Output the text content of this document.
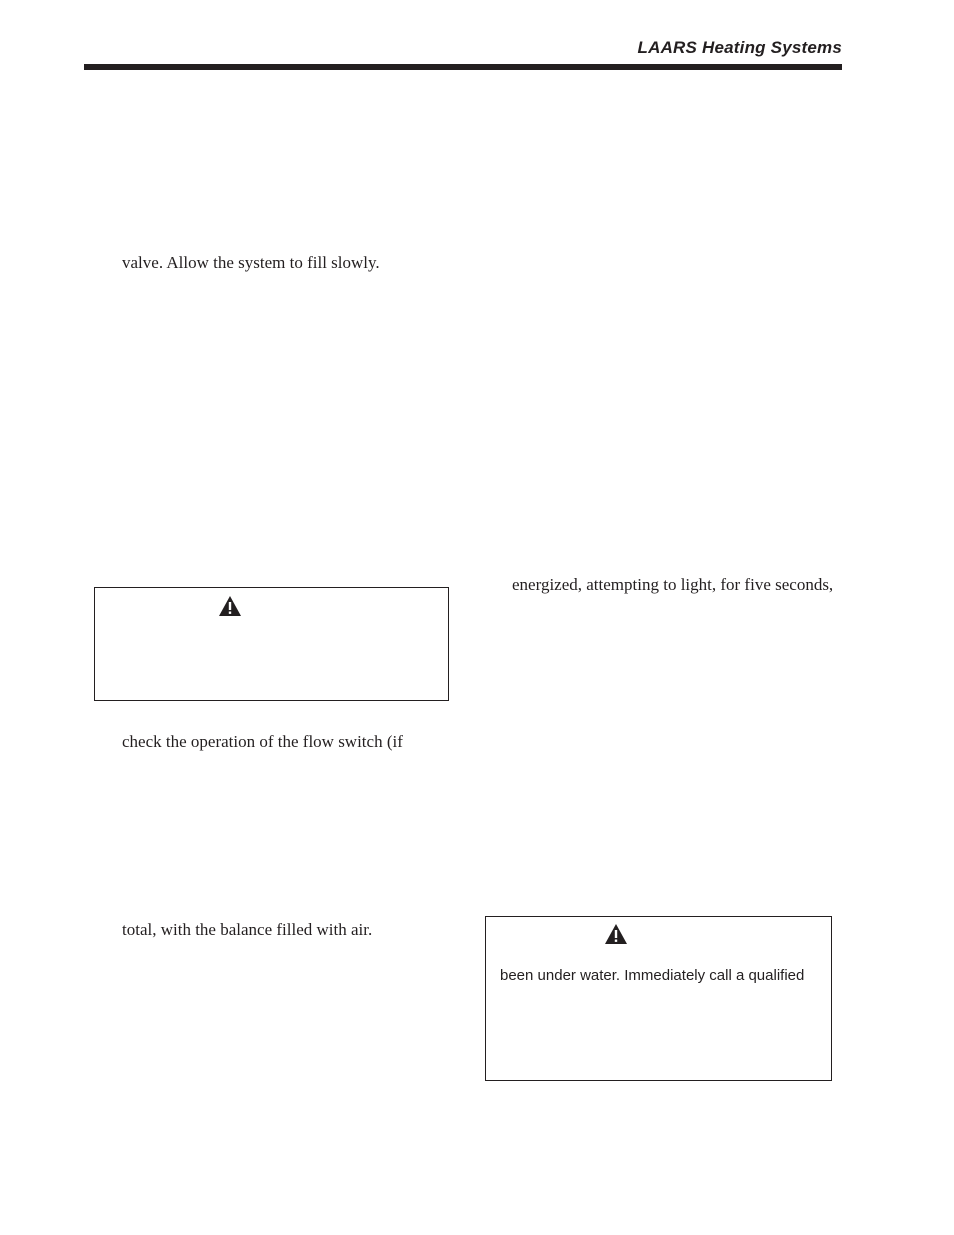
LAARS Heating Systems
valve. Allow the system to fill slowly.
energized, attempting to light, for five seconds,
check the operation of the flow switch (if
total, with the balance filled with air.
been under water. Immediately call a qualified
